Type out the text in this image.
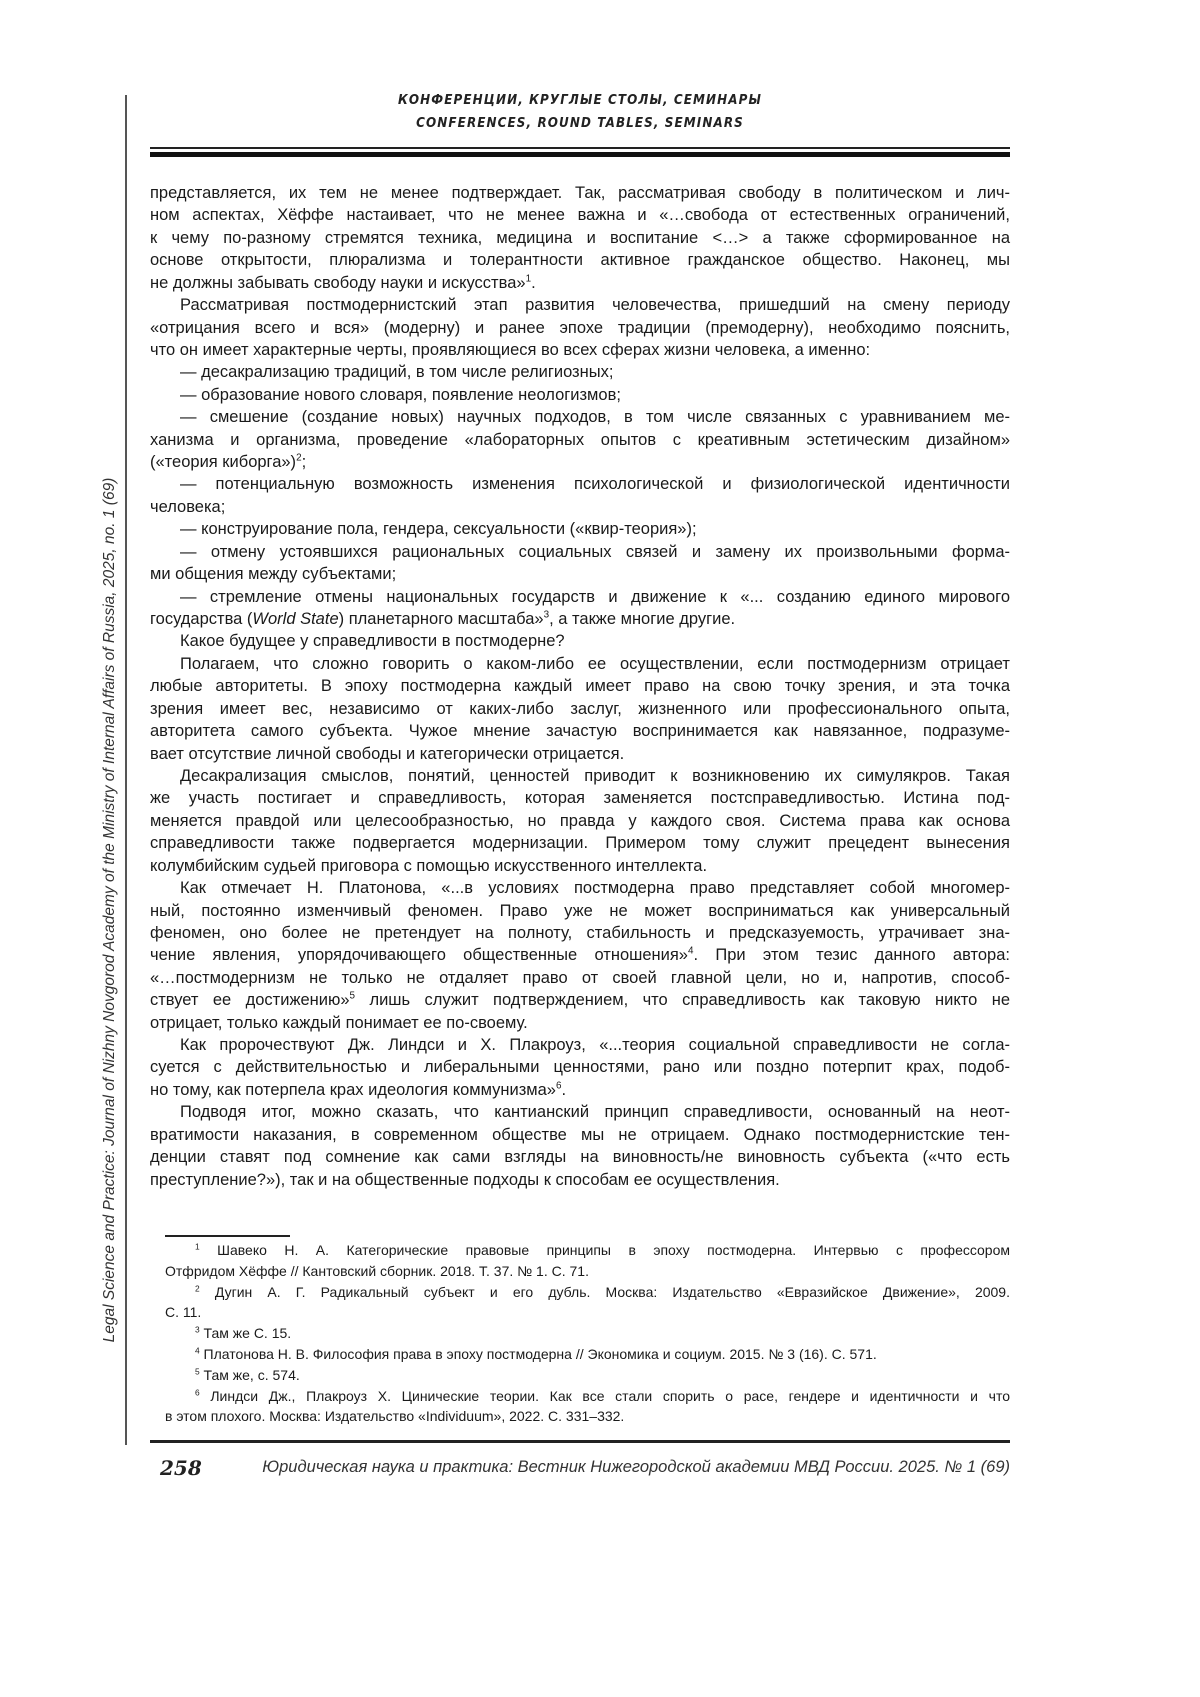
Legal Science and Practice: Journal of Nizhny Novgorod Academy of the Ministry of Internal Affairs of Russia, 2025, no. 1 (69)
КОНФЕРЕНЦИИ, КРУГЛЫЕ СТОЛЫ, СЕМИНАРЫ
CONFERENCES, ROUND TABLES, SEMINARS
представляется, их тем не менее подтверждает. Так, рассматривая свободу в политическом и лич-
ном аспектах, Хёффе настаивает, что не менее важна и «…свобода от естественных ограничений,
к чему по-разному стремятся техника, медицина и воспитание <…> а также сформированное на
основе открытости, плюрализма и толерантности активное гражданское общество. Наконец, мы
не должны забывать свободу науки и искусства»1.
Рассматривая постмодернистский этап развития человечества, пришедший на смену периоду
«отрицания всего и вся» (модерну) и ранее эпохе традиции (премодерну), необходимо пояснить,
что он имеет характерные черты, проявляющиеся во всех сферах жизни человека, а именно:
— десакрализацию традиций, в том числе религиозных;
— образование нового словаря, появление неологизмов;
— смешение (создание новых) научных подходов, в том числе связанных с уравниванием ме-
ханизма и организма, проведение «лабораторных опытов с креативным эстетическим дизайном»
(«теория киборга»)2;
— потенциальную возможность изменения психологической и физиологической идентичности
человека;
— конструирование пола, гендера, сексуальности («квир-теория»);
— отмену устоявшихся рациональных социальных связей и замену их произвольными форма-
ми общения между субъектами;
— стремление отмены национальных государств и движение к «... созданию единого мирового
государства (World State) планетарного масштаба»3, а также многие другие.
Какое будущее у справедливости в постмодерне?
Полагаем, что сложно говорить о каком-либо ее осуществлении, если постмодернизм отрицает
любые авторитеты. В эпоху постмодерна каждый имеет право на свою точку зрения, и эта точка
зрения имеет вес, независимо от каких-либо заслуг, жизненного или профессионального опыта,
авторитета самого субъекта. Чужое мнение зачастую воспринимается как навязанное, подразуме-
вает отсутствие личной свободы и категорически отрицается.
Десакрализация смыслов, понятий, ценностей приводит к возникновению их симулякров. Такая
же участь постигает и справедливость, которая заменяется постсправедливостью. Истина под-
меняется правдой или целесообразностью, но правда у каждого своя. Система права как основа
справедливости также подвергается модернизации. Примером тому служит прецедент вынесения
колумбийским судьей приговора с помощью искусственного интеллекта.
Как отмечает Н. Платонова, «...в условиях постмодерна право представляет собой многомер-
ный, постоянно изменчивый феномен. Право уже не может восприниматься как универсальный
феномен, оно более не претендует на полноту, стабильность и предсказуемость, утрачивает зна-
чение явления, упорядочивающего общественные отношения»4. При этом тезис данного автора:
«…постмодернизм не только не отдаляет право от своей главной цели, но и, напротив, способ-
ствует ее достижению»5 лишь служит подтверждением, что справедливость как таковую никто не
отрицает, только каждый понимает ее по-своему.
Как пророчествуют Дж. Линдси и Х. Плакроуз, «...теория социальной справедливости не согла-
суется с действительностью и либеральными ценностями, рано или поздно потерпит крах, подоб-
но тому, как потерпела крах идеология коммунизма»6.
Подводя итог, можно сказать, что кантианский принцип справедливости, основанный на неот-
вратимости наказания, в современном обществе мы не отрицаем. Однако постмодернистские тен-
денции ставят под сомнение как сами взгляды на виновность/не виновность субъекта («что есть
преступление?»), так и на общественные подходы к способам ее осуществления.
1 Шавеко Н. А. Категорические правовые принципы в эпоху постмодерна. Интервью с профессором
Отфридом Хёффе // Кантовский сборник. 2018. Т. 37. № 1. С. 71.
2 Дугин А. Г. Радикальный субъект и его дубль. Москва: Издательство «Евразийское Движение», 2009.
С. 11.
3 Там же С. 15.
4 Платонова Н. В. Философия права в эпоху постмодерна // Экономика и социум. 2015. № 3 (16). С. 571.
5 Там же, с. 574.
6 Линдси Дж., Плакроуз Х. Цинические теории. Как все стали спорить о расе, гендере и идентичности и что
в этом плохого. Москва: Издательство «Individuum», 2022. С. 331–332.
258	Юридическая наука и практика: Вестник Нижегородской академии МВД России. 2025. № 1 (69)
